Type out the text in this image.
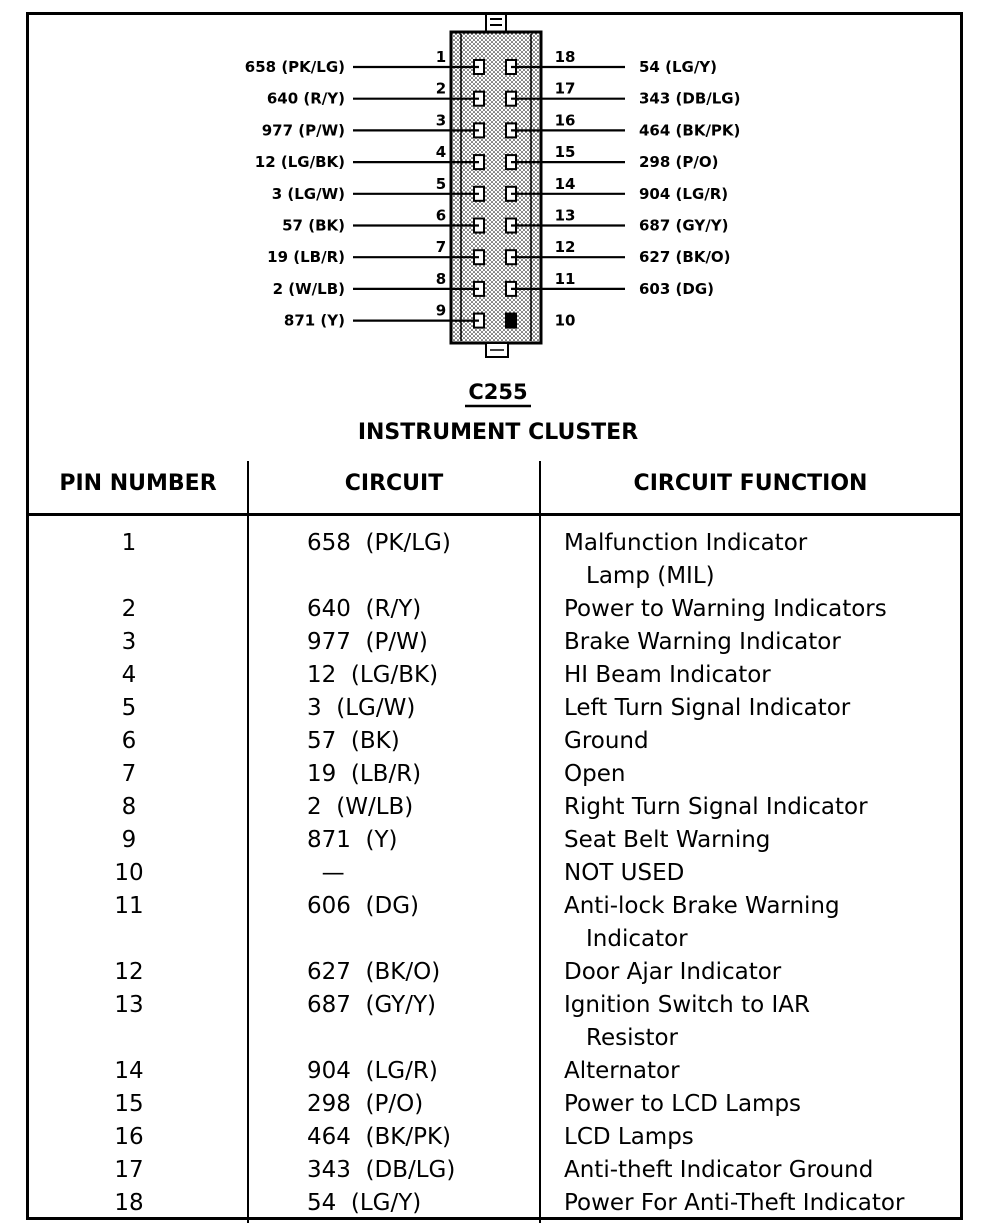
1
658 (PK/LG)
2
640 (R/Y)
3
977 (P/W)
4
12 (LG/BK)
5
3 (LG/W)
6
57 (BK)
7
19 (LB/R)
8
2 (W/LB)
9
871 (Y)
18
54 (LG/Y)
17
343 (DB/LG)
16
464 (BK/PK)
15
298 (P/O)
14
904 (LG/R)
13
687 (GY/Y)
12
627 (BK/O)
11
603 (DG)
10
C255
INSTRUMENT CLUSTER
PIN NUMBER	CIRCUIT	CIRCUIT FUNCTION
1	658  (PK/LG)	Malfunction Indicator
Lamp (MIL)
2	640  (R/Y)	Power to Warning Indicators
3	977  (P/W)	Brake Warning Indicator
4	12  (LG/BK)	HI Beam Indicator
5	3  (LG/W)	Left Turn Signal Indicator
6	57  (BK)	Ground
7	19  (LB/R)	Open
8	2  (W/LB)	Right Turn Signal Indicator
9	871  (Y)	Seat Belt Warning
10	—	NOT USED
11	606  (DG)	Anti-lock Brake Warning
Indicator
12	627  (BK/O)	Door Ajar Indicator
13	687  (GY/Y)	Ignition Switch to IAR
Resistor
14	904  (LG/R)	Alternator
15	298  (P/O)	Power to LCD Lamps
16	464  (BK/PK)	LCD Lamps
17	343  (DB/LG)	Anti-theft Indicator Ground
18	54  (LG/Y)	Power For Anti-Theft Indicator
